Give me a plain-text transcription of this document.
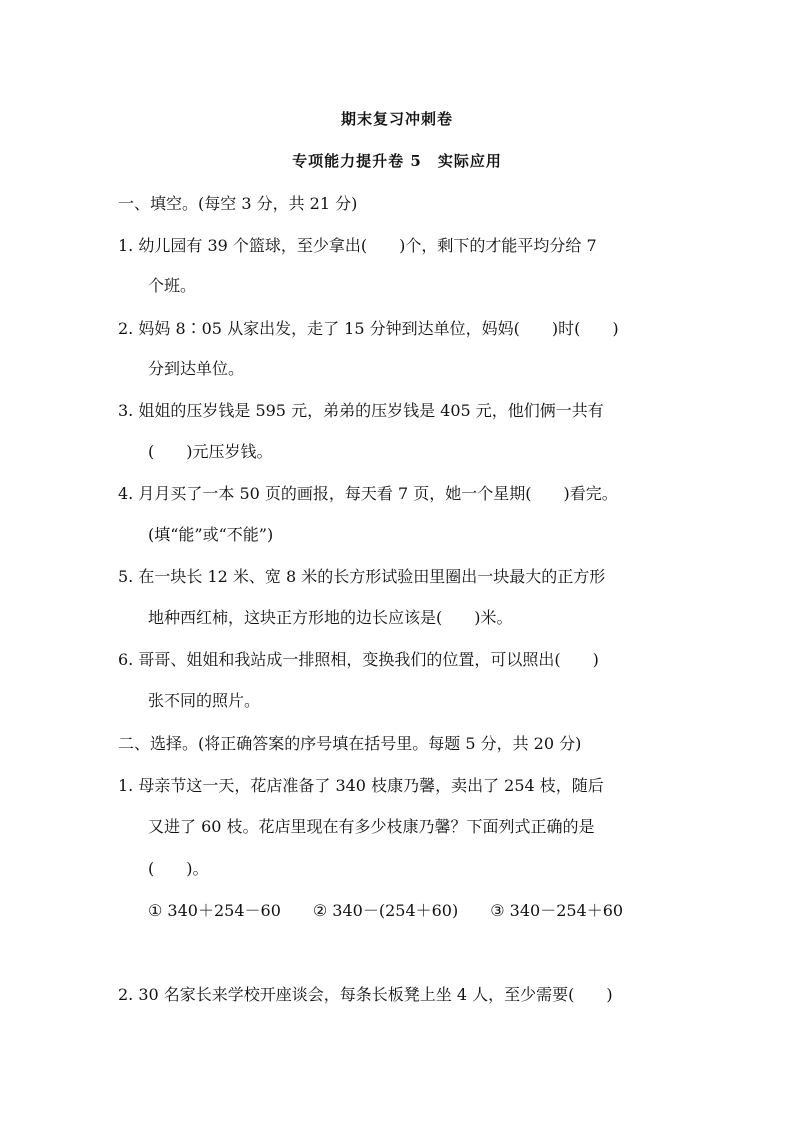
期末复习冲刺卷
专项能力提升卷 5　实际应用
一、填空。(每空 3 分，共 21 分)
1. 幼儿园有 39 个篮球，至少拿出(　　)个，剩下的才能平均分给 7
个班。
2. 妈妈 8∶05 从家出发，走了 15 分钟到达单位，妈妈(　　)时(　　)
分到达单位。
3. 姐姐的压岁钱是 595 元，弟弟的压岁钱是 405 元，他们俩一共有
(　　)元压岁钱。
4. 月月买了一本 50 页的画报，每天看 7 页，她一个星期(　　)看完。
(填“能”或“不能”)
5. 在一块长 12 米、宽 8 米的长方形试验田里圈出一块最大的正方形
地种西红柿，这块正方形地的边长应该是(　　)米。
6. 哥哥、姐姐和我站成一排照相，变换我们的位置，可以照出(　　)
张不同的照片。
二、选择。(将正确答案的序号填在括号里。每题 5 分，共 20 分)
1. 母亲节这一天，花店准备了 340 枝康乃馨，卖出了 254 枝，随后
又进了 60 枝。花店里现在有多少枝康乃馨？下面列式正确的是
(　　)。
① 340＋254－60　　② 340－(254＋60)　　③ 340－254＋60
2. 30 名家长来学校开座谈会，每条长板凳上坐 4 人，至少需要(　　)
